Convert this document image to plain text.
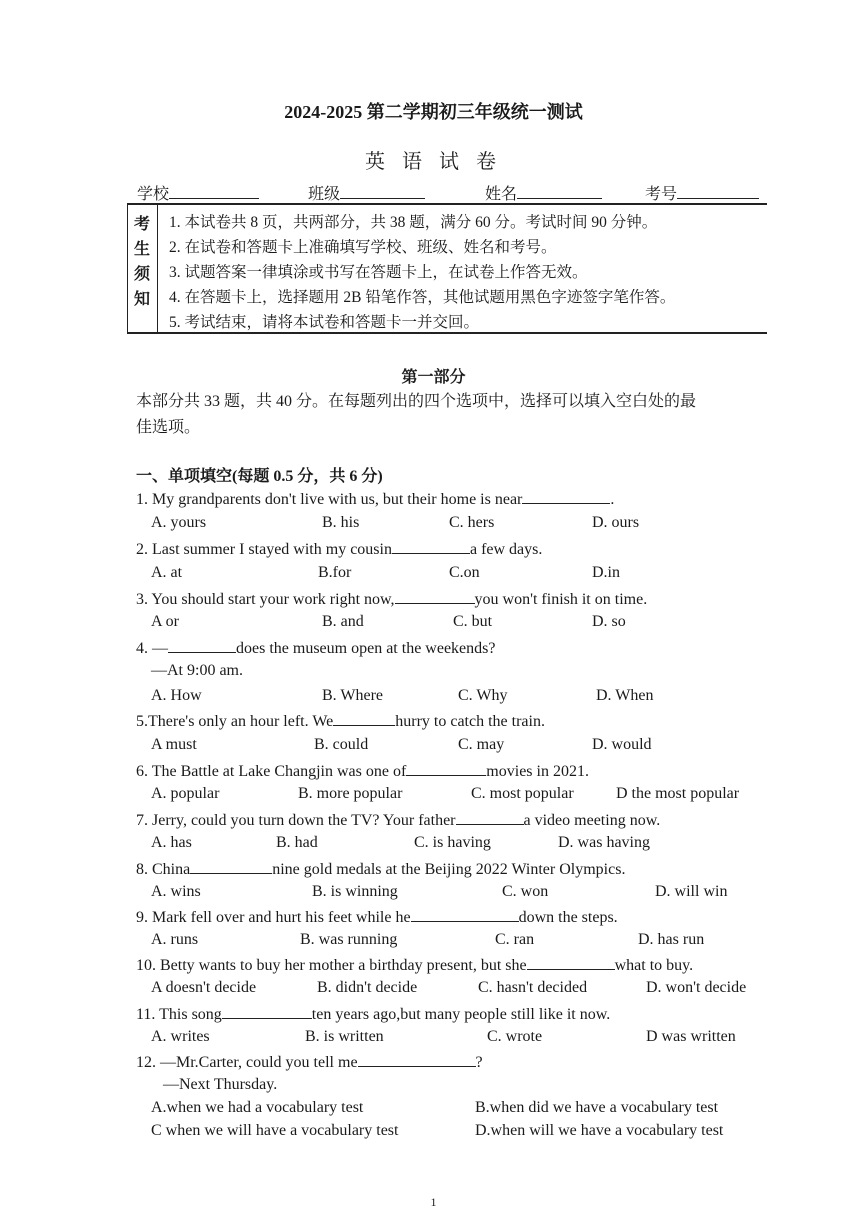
2024-2025 第二学期初三年级统一测试
英 语 试 卷
学校	班级	姓名	考号
考
生
须
知
1. 本试卷共 8 页，共两部分，共 38 题，满分 60 分。考试时间 90 分钟。
2. 在试卷和答题卡上准确填写学校、班级、姓名和考号。
3. 试题答案一律填涂或书写在答题卡上，在试卷上作答无效。
4. 在答题卡上，选择题用 2B 铅笔作答，其他试题用黑色字迹签字笔作答。
5. 考试结束，请将本试卷和答题卡一并交回。
第一部分
本部分共 33 题，共 40 分。在每题列出的四个选项中，选择可以填入空白处的最
佳选项。
一、单项填空(每题 0.5 分，共 6 分)
1. My grandparents don't live with us, but their home is near	.
A. yours	B. his	C. hers	D. ours
2. Last summer I stayed with my cousin	a few days.
A. at	B.for	C.on	D.in
3. You should start your work right now,	you won't finish it on time.
A or	B. and	C. but	D. so
4. —	does the museum open at the weekends?
—At 9:00 am.
A. How	B. Where	C. Why	D. When
5.There's only an hour left. We	hurry to catch the train.
A must	B. could	C. may	D. would
6. The Battle at Lake Changjin was one of	movies in 2021.
A. popular	B. more popular	C. most popular	D the most popular
7. Jerry, could you turn down the TV? Your father	a video meeting now.
A. has	B. had	C. is having	D. was having
8. China	nine gold medals at the Beijing 2022 Winter Olympics.
A. wins	B. is winning	C. won	D. will win
9. Mark fell over and hurt his feet while he	down the steps.
A. runs	B. was running	C. ran	D. has run
10. Betty wants to buy her mother a birthday present, but she	what to buy.
A doesn't decide	B. didn't decide	C. hasn't decided	D. won't decide
11. This song	ten years ago,but many people still like it now.
A. writes	B. is written	C. wrote	D was written
12. —Mr.Carter, could you tell me	?
—Next Thursday.
A.when we had a vocabulary test	B.when did we have a vocabulary test
C when we will have a vocabulary test	D.when will we have a vocabulary test
1
